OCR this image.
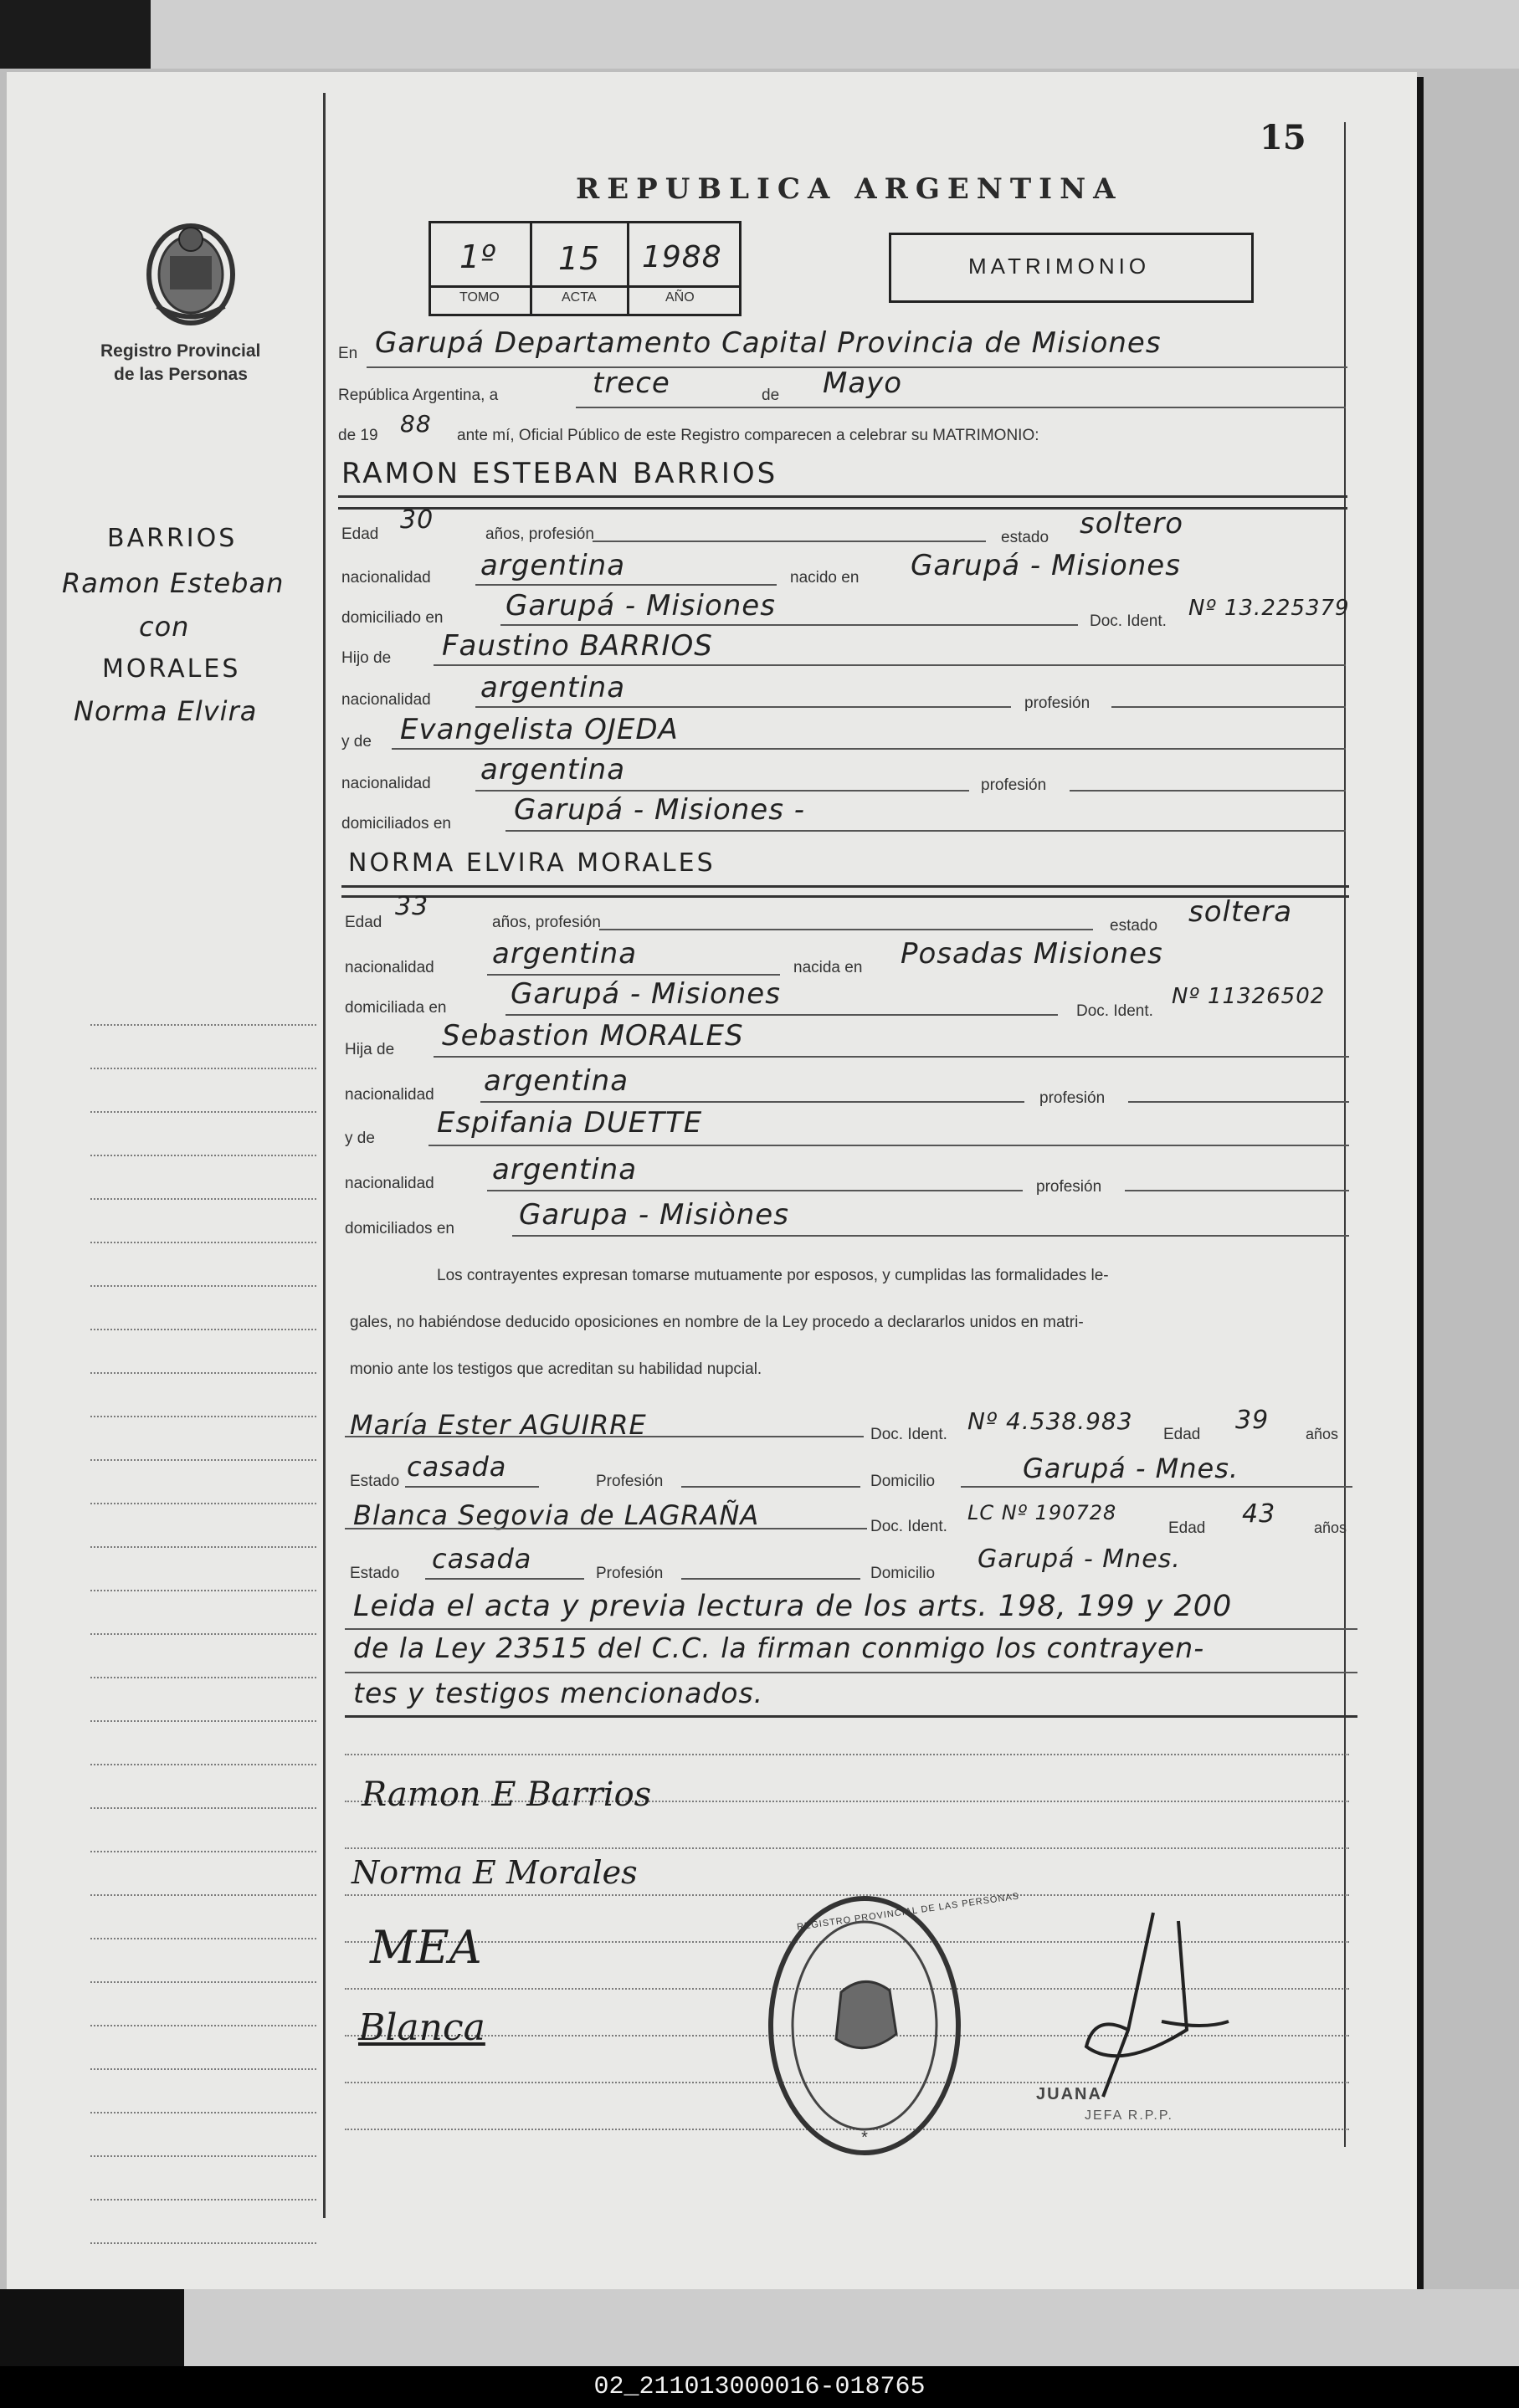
15
Registro Provincial
de las Personas
REPUBLICA ARGENTINA
1º 15 1988
TOMO	ACTA	AÑO
MATRIMONIO
BARRIOS
Ramon Esteban
con
MORALES
Norma Elvira
En Garupá Departamento Capital Provincia de Misiones
República Argentina, a	trece	de Mayo
de 19 88 ante mí, Oficial Público de este Registro comparecen a celebrar su MATRIMONIO:
RAMON ESTEBAN BARRIOS
Edad 30	años, profesión	estado soltero
nacionalidad argentina	nacido en Garupá - Misiones
domiciliado en Garupá - Misiones	Doc. Ident.
Nº 13.225379
Hijo de Faustino BARRIOS
nacionalidad argentina	profesión
y de Evangelista OJEDA
nacionalidad argentina	profesión
domiciliados en Garupá - Misiones -
NORMA ELVIRA MORALES
Edad
33
años, profesión	estado soltera
nacionalidad argentina	nacida en Posadas Misiones
domiciliada en Garupá - Misiones
Doc. Ident.
Nº 11326502
Hija de Sebastion MORALES
nacionalidad argentina
profesión
y de Espifania DUETTE
nacionalidad argentina
profesión
domiciliados en Garupa - Misiònes
Los contrayentes expresan tomarse mutuamente por esposos, y cumplidas las formalidades le-
gales, no habiéndose deducido oposiciones en nombre de la Ley procedo a declararlos unidos en matri-
monio ante los testigos que acreditan su habilidad nupcial.
María Ester AGUIRRE	Doc. Ident. Nº 4.538.983 Edad 39 años
Estado casada	Profesión	Domicilio	Garupá - Mnes.
Blanca Segovia de LAGRAÑA	Doc. Ident.
LC Nº 190728
Edad 43	años
Estado casada	Profesión	Domicilio Garupá - Mnes.
Leida el acta y previa lectura de los arts. 198, 199 y 200
de la Ley 23515 del C.C. la firman conmigo los contrayen-
tes y testigos mencionados.
Ramon E Barrios
Norma E Morales
MEA
Blanca
*
REGISTRO PROVINCIAL DE LAS PERSONAS
JUANA
JEFA R.P.P.
02_211013000016-018765
